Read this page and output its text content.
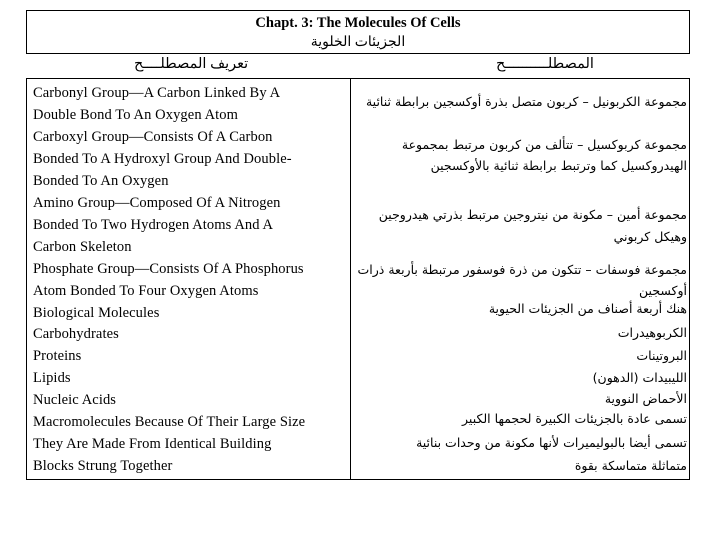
Chapt. 3: The Molecules Of Cells
الجزيئات الخلوية
تعريف المصطلــــح	المصطلــــــــــح
Carbonyl Group—A Carbon Linked By A
Double Bond To An Oxygen Atom
Carboxyl Group—Consists Of A Carbon
Bonded To A Hydroxyl Group And Double-
Bonded To An Oxygen
Amino Group—Composed Of A Nitrogen
Bonded To Two Hydrogen Atoms And A
Carbon Skeleton
Phosphate Group—Consists Of A Phosphorus
Atom Bonded To Four Oxygen Atoms
Biological Molecules
Carbohydrates
Proteins
Lipids
Nucleic Acids
Macromolecules Because Of Their Large Size
They Are Made From Identical Building
Blocks Strung Together
مجموعة الكربونيل – كربون متصل بذرة أوكسجين برابطة ثنائية
مجموعة كربوكسيل – تتألف من كربون مرتبط بمجموعة
الهيدروكسيل كما وترتبط برابطة ثنائية بالأوكسجين
مجموعة أمين – مكونة من نيتروجين مرتبط بذرتي هيدروجين
وهيكل كربوني
مجموعة فوسفات – تتكون من ذرة فوسفور مرتبطة بأربعة ذرات
أوكسجين
هنك أربعة أصناف من الجزيئات الحيوية
الكربوهيدرات
البروتينات
الليبيدات (الدهون)
الأحماض النووية
تسمى عادة بالجزيئات الكبيرة لحجمها الكبير
تسمى أيضا بالبوليميرات لأنها مكونة من وحدات بنائية
متماثلة متماسكة بقوة
